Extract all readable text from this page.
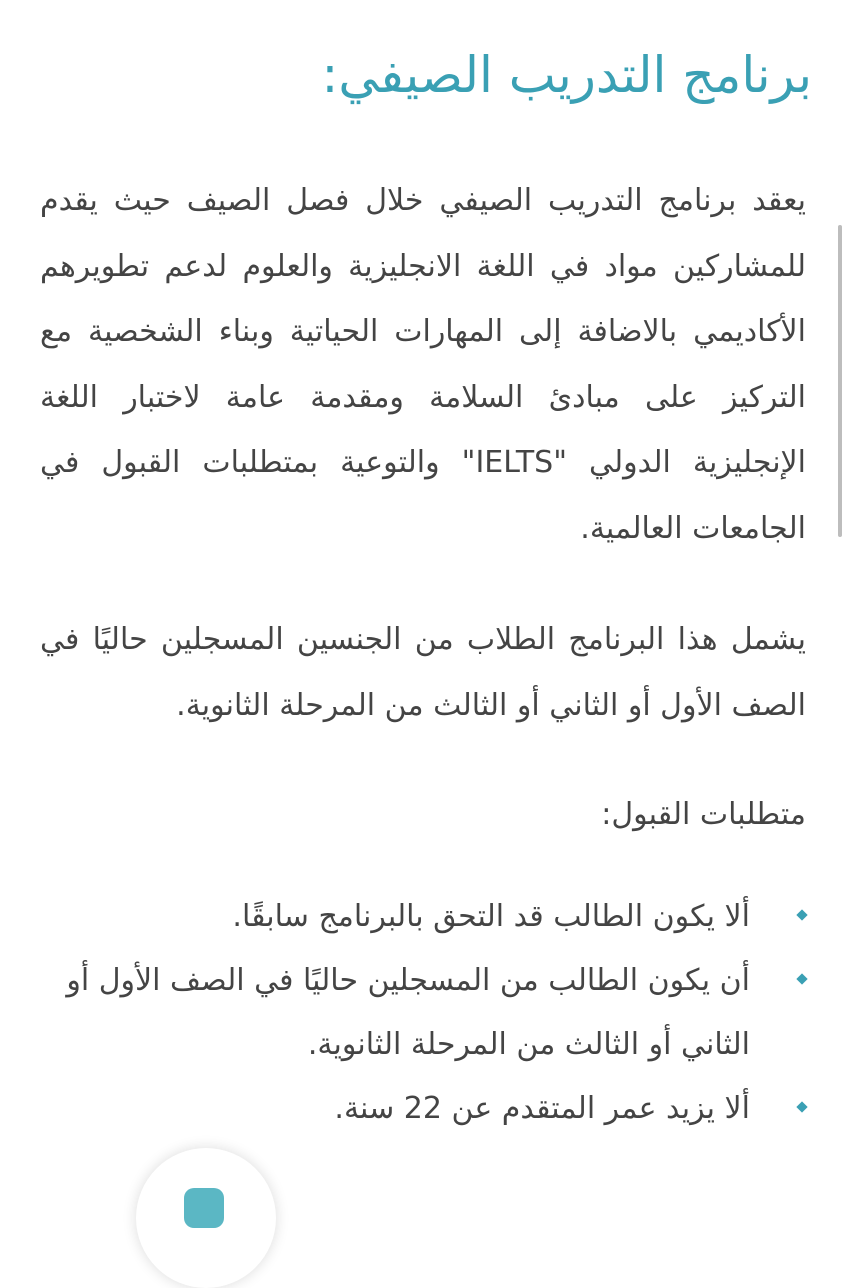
برنامج التدريب الصيفي:

يعقد برنامج التدريب الصيفي خلال فصل الصيف حيث يقدم للمشاركين مواد في اللغة الانجليزية والعلوم لدعم تطويرهم الأكاديمي بالاضافة إلى المهارات الحياتية وبناء الشخصية مع التركيز على مبادئ السلامة ومقدمة عامة لاختبار اللغة الإنجليزية الدولي "IELTS" والتوعية بمتطلبات القبول في الجامعات العالمية.

يشمل هذا البرنامج الطلاب من الجنسين المسجلين حاليًا في الصف الأول أو الثاني أو الثالث من المرحلة الثانوية.

متطلبات القبول:

ألا يكون الطالب قد التحق بالبرنامج سابقًا.
أن يكون الطالب من المسجلين حاليًا في الصف الأول أو الثاني أو الثالث من المرحلة الثانوية.
ألا يزيد عمر المتقدم عن 22 سنة.
